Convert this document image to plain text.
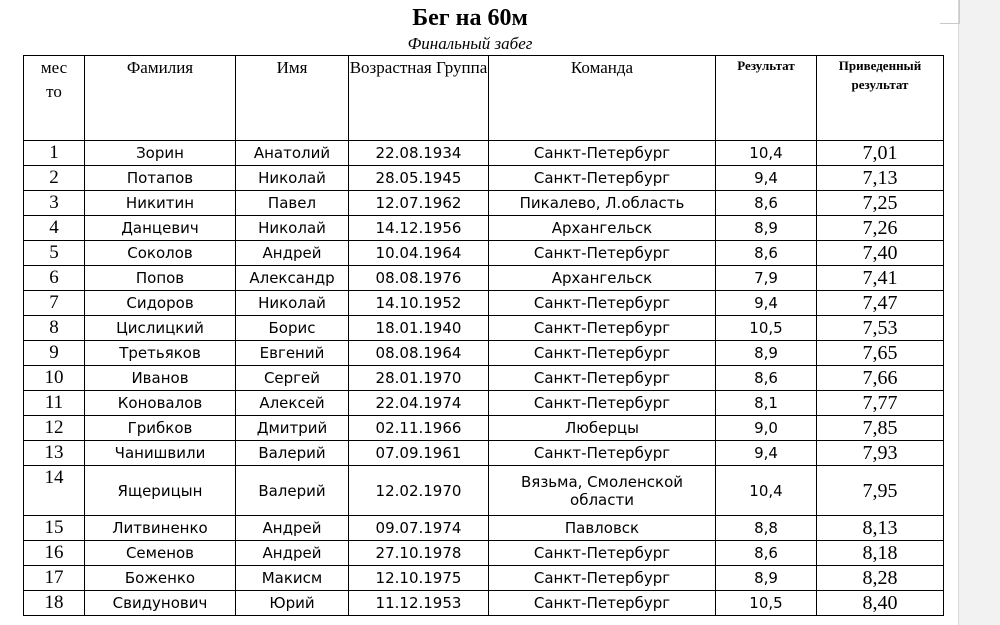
Бег на 60м
Финальный забег
мес то	Фамилия	Имя	Возрастная Группа	Команда	Результат	Приведенный результат
1	Зорин	Анатолий	22.08.1934	Санкт-Петербург	10,4	7,01
2	Потапов	Николай	28.05.1945	Санкт-Петербург	9,4	7,13
3	Никитин	Павел	12.07.1962	Пикалево, Л.область	8,6	7,25
4	Данцевич	Николай	14.12.1956	Архангельск	8,9	7,26
5	Соколов	Андрей	10.04.1964	Санкт-Петербург	8,6	7,40
6	Попов	Александр	08.08.1976	Архангельск	7,9	7,41
7	Сидоров	Николай	14.10.1952	Санкт-Петербург	9,4	7,47
8	Цислицкий	Борис	18.01.1940	Санкт-Петербург	10,5	7,53
9	Третьяков	Евгений	08.08.1964	Санкт-Петербург	8,9	7,65
10	Иванов	Сергей	28.01.1970	Санкт-Петербург	8,6	7,66
11	Коновалов	Алексей	22.04.1974	Санкт-Петербург	8,1	7,77
12	Грибков	Дмитрий	02.11.1966	Люберцы	9,0	7,85
13	Чанишвили	Валерий	07.09.1961	Санкт-Петербург	9,4	7,93
14	Ящерицын	Валерий	12.02.1970	Вязьма, Смоленской области	10,4	7,95
15	Литвиненко	Андрей	09.07.1974	Павловск	8,8	8,13
16	Семенов	Андрей	27.10.1978	Санкт-Петербург	8,6	8,18
17	Боженко	Макисм	12.10.1975	Санкт-Петербург	8,9	8,28
18	Свидунович	Юрий	11.12.1953	Санкт-Петербург	10,5	8,40
